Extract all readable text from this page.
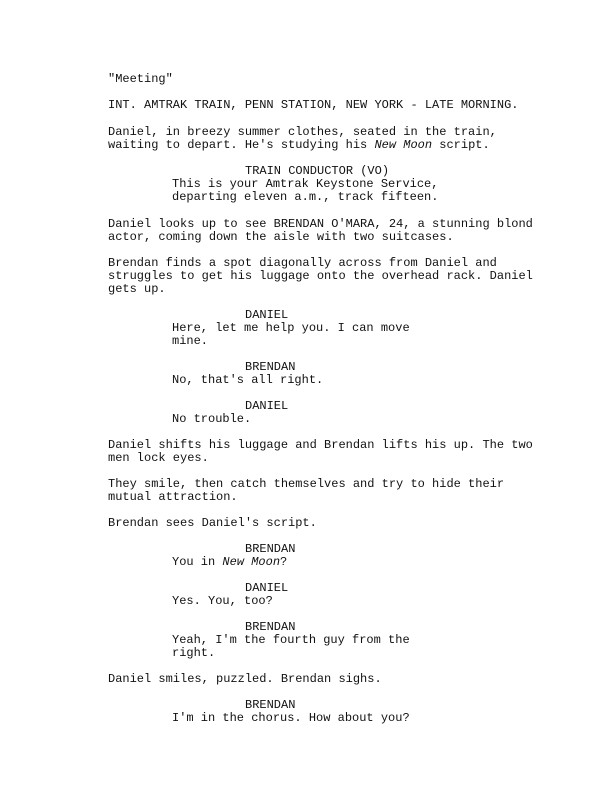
"Meeting"
INT. AMTRAK TRAIN, PENN STATION, NEW YORK - LATE MORNING.
Daniel, in breezy summer clothes, seated in the train,
waiting to depart. He's studying his New Moon script.
TRAIN CONDUCTOR (VO)
This is your Amtrak Keystone Service,
departing eleven a.m., track fifteen.
Daniel looks up to see BRENDAN O'MARA, 24, a stunning blond
actor, coming down the aisle with two suitcases.
Brendan finds a spot diagonally across from Daniel and
struggles to get his luggage onto the overhead rack. Daniel
gets up.
DANIEL
Here, let me help you. I can move
mine.
BRENDAN
No, that's all right.
DANIEL
No trouble.
Daniel shifts his luggage and Brendan lifts his up. The two
men lock eyes.
They smile, then catch themselves and try to hide their
mutual attraction.
Brendan sees Daniel's script.
BRENDAN
You in New Moon?
DANIEL
Yes. You, too?
BRENDAN
Yeah, I'm the fourth guy from the
right.
Daniel smiles, puzzled. Brendan sighs.
BRENDAN
I'm in the chorus. How about you?
